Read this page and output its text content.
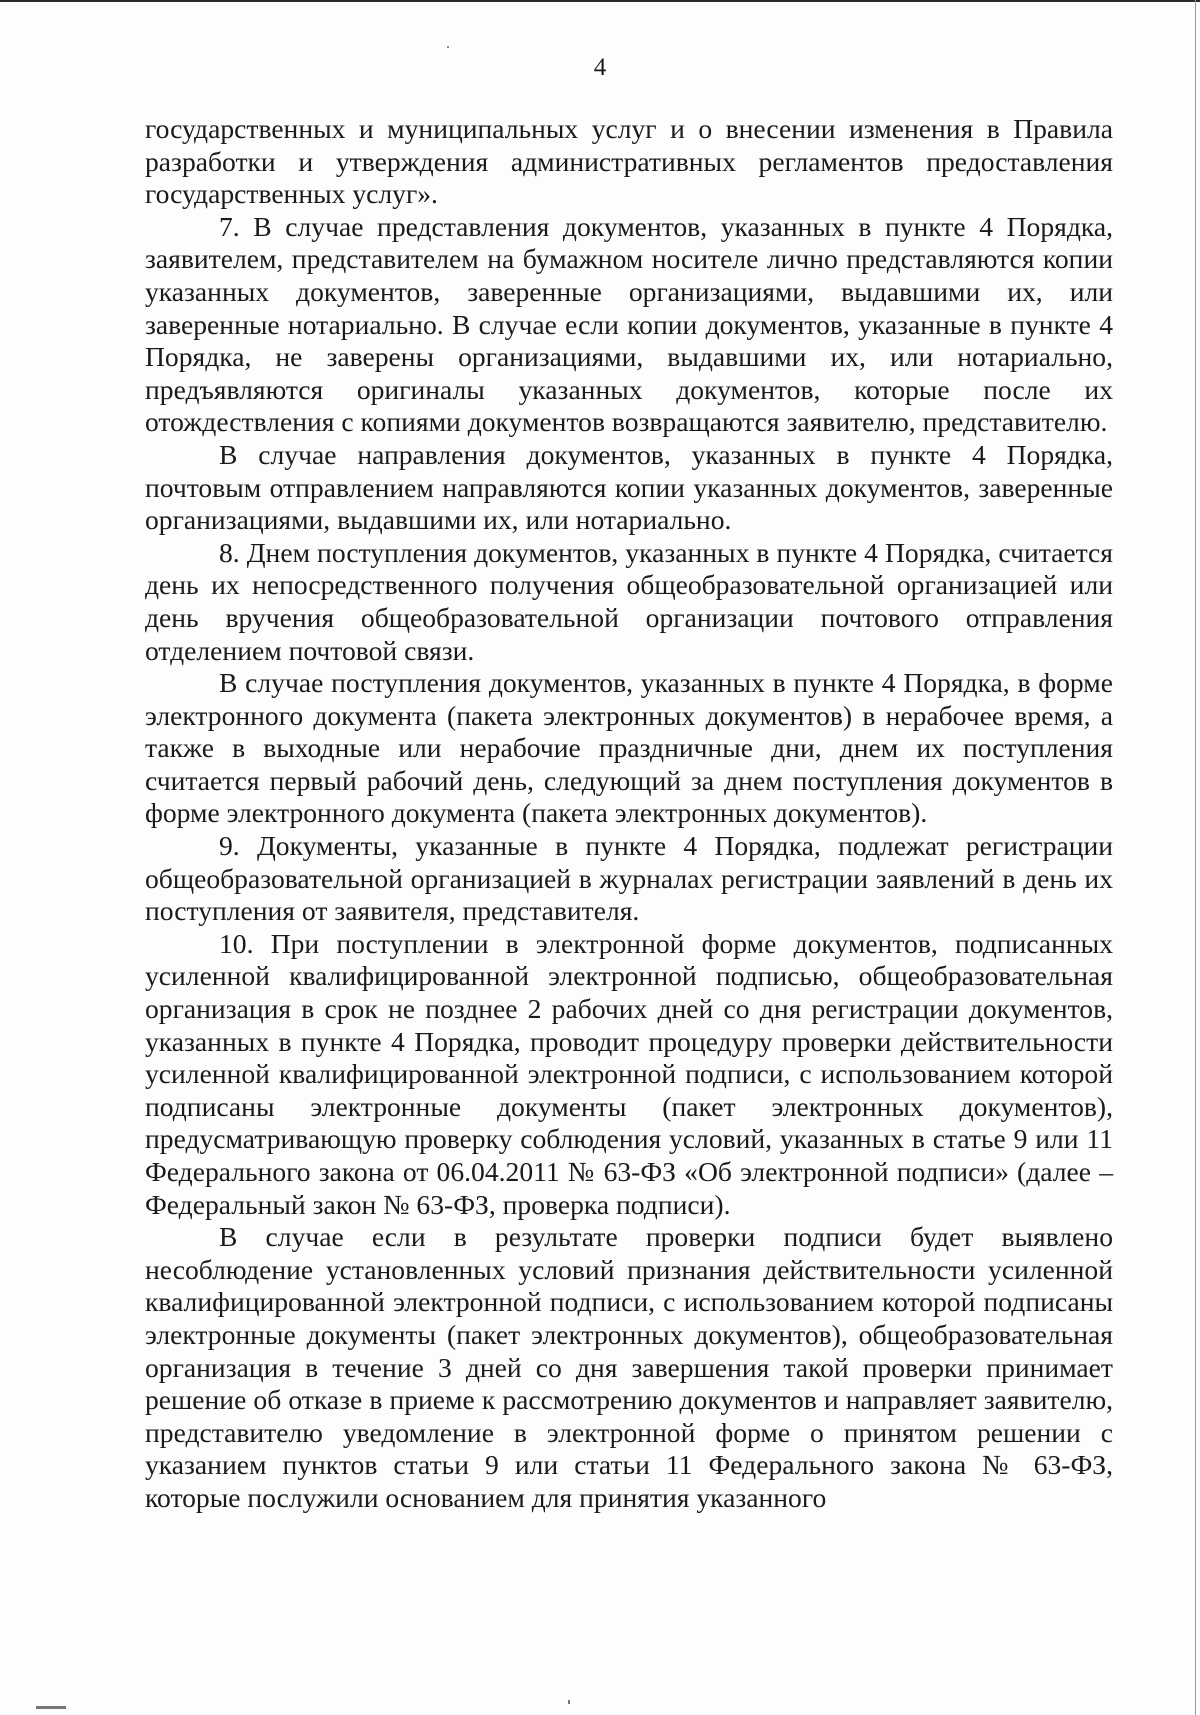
4

государственных и муниципальных услуг и о внесении изменения в Правила разработки и утверждения административных регламентов предоставления государственных услуг».

7. В случае представления документов, указанных в пункте 4 Порядка, заявителем, представителем на бумажном носителе лично представляются копии указанных документов, заверенные организациями, выдавшими их, или заверенные нотариально. В случае если копии документов, указанные в пункте 4 Порядка, не заверены организациями, выдавшими их, или нотариально, предъявляются оригиналы указанных документов, которые после их отождествления с копиями документов возвращаются заявителю, представителю.

В случае направления документов, указанных в пункте 4 Порядка, почтовым отправлением направляются копии указанных документов, заверенные организациями, выдавшими их, или нотариально.

8. Днем поступления документов, указанных в пункте 4 Порядка, считается день их непосредственного получения общеобразовательной организацией или день вручения общеобразовательной организации почтового отправления отделением почтовой связи.

В случае поступления документов, указанных в пункте 4 Порядка, в форме электронного документа (пакета электронных документов) в нерабочее время, а также в выходные или нерабочие праздничные дни, днем их поступления считается первый рабочий день, следующий за днем поступления документов в форме электронного документа (пакета электронных документов).

9. Документы, указанные в пункте 4 Порядка, подлежат регистрации общеобразовательной организацией в журналах регистрации заявлений в день их поступления от заявителя, представителя.

10. При поступлении в электронной форме документов, подписанных усиленной квалифицированной электронной подписью, общеобразовательная организация в срок не позднее 2 рабочих дней со дня регистрации документов, указанных в пункте 4 Порядка, проводит процедуру проверки действительности усиленной квалифицированной электронной подписи, с использованием которой подписаны электронные документы (пакет электронных документов), предусматривающую проверку соблюдения условий, указанных в статье 9 или 11 Федерального закона от 06.04.2011 № 63-ФЗ «Об электронной подписи» (далее – Федеральный закон № 63-ФЗ, проверка подписи).

В случае если в результате проверки подписи будет выявлено несоблюдение установленных условий признания действительности усиленной квалифицированной электронной подписи, с использованием которой подписаны электронные документы (пакет электронных документов), общеобразовательная организация в течение 3 дней со дня завершения такой проверки принимает решение об отказе в приеме к рассмотрению документов и направляет заявителю, представителю уведомление в электронной форме о принятом решении с указанием пунктов статьи 9 или статьи 11 Федерального закона № 63-ФЗ, которые послужили основанием для принятия указанного
